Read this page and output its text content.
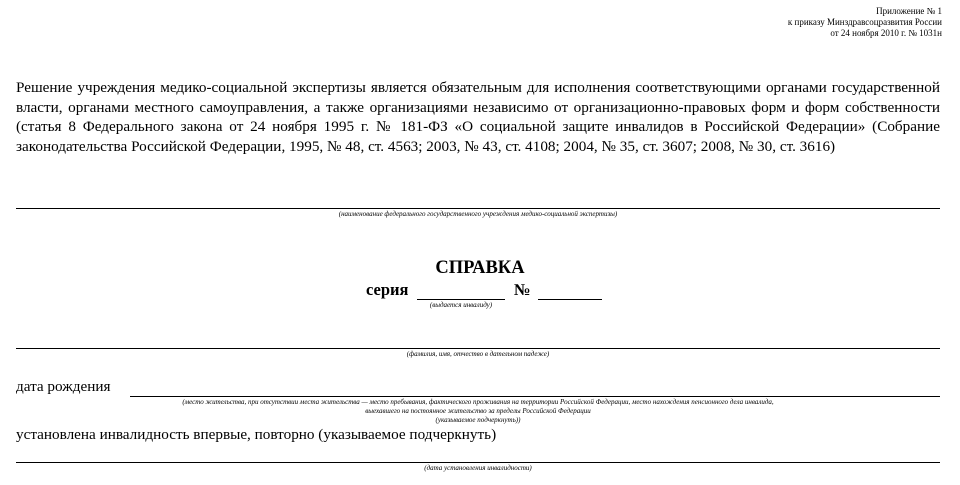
Приложение № 1
к приказу Минздравсоцразвития России
от 24 ноября 2010 г. № 1031н
Решение учреждения медико-социальной экспертизы является обязательным для исполнения соответствующими органами государственной власти, органами местного самоуправления, а также организациями независимо от организационно-правовых форм и форм собственности (статья 8 Федерального закона от 24 ноября 1995 г. № 181-ФЗ «О социальной защите инвалидов в Российской Федерации» (Собрание законодательства Российской Федерации, 1995, № 48, ст. 4563; 2003, № 43, ст. 4108; 2004, № 35, ст. 3607; 2008, № 30, ст. 3616)
(наименование федерального государственного учреждения медико-социальной экспертизы)
СПРАВКА
серия
(выдается инвалиду)
№
(фамилия, имя, отчество в дательном падеже)
дата рождения
(место жительства, при отсутствии места жительства — место пребывания, фактического проживания на территории Российской Федерации, место нахождения пенсионного дела инвалида,
выехавшего на постоянное жительство за пределы Российской Федерации
(указываемое подчеркнуть))
установлена инвалидность впервые, повторно (указываемое подчеркнуть)
(дата установления инвалидности)
